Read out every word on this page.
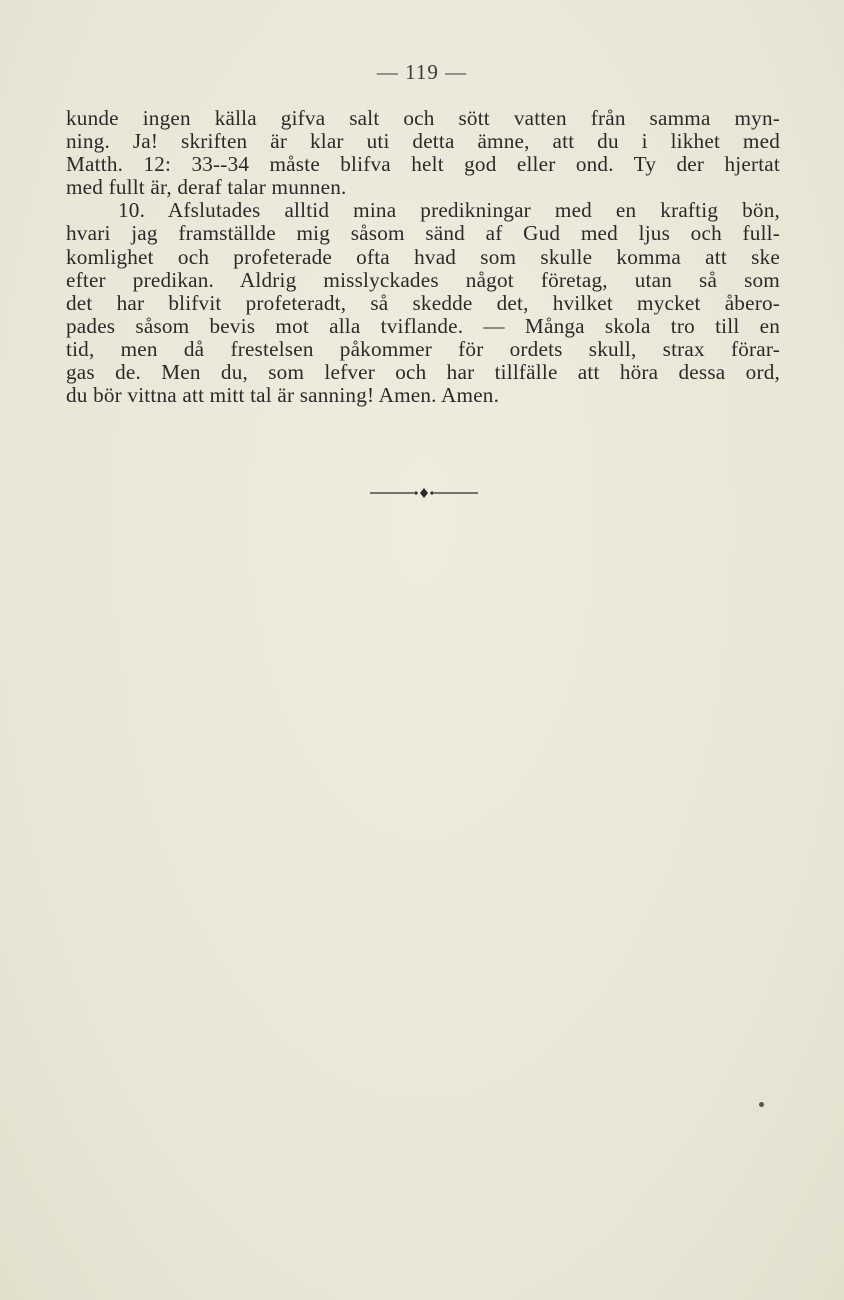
— 119 —
kunde ingen källa gifva salt och sött vatten från samma myn-
ning. Ja! skriften är klar uti detta ämne, att du i likhet med
Matth. 12: 33--34 måste blifva helt god eller ond. Ty der hjertat
med fullt är, deraf talar munnen.
10. Afslutades alltid mina predikningar med en kraftig bön,
hvari jag framställde mig såsom sänd af Gud med ljus och full-
komlighet och profeterade ofta hvad som skulle komma att ske
efter predikan. Aldrig misslyckades något företag, utan så som
det har blifvit profeteradt, så skedde det, hvilket mycket åbero-
pades såsom bevis mot alla tviflande. — Många skola tro till en
tid, men då frestelsen påkommer för ordets skull, strax förar-
gas de. Men du, som lefver och har tillfälle att höra dessa ord,
du bör vittna att mitt tal är sanning! Amen. Amen.
